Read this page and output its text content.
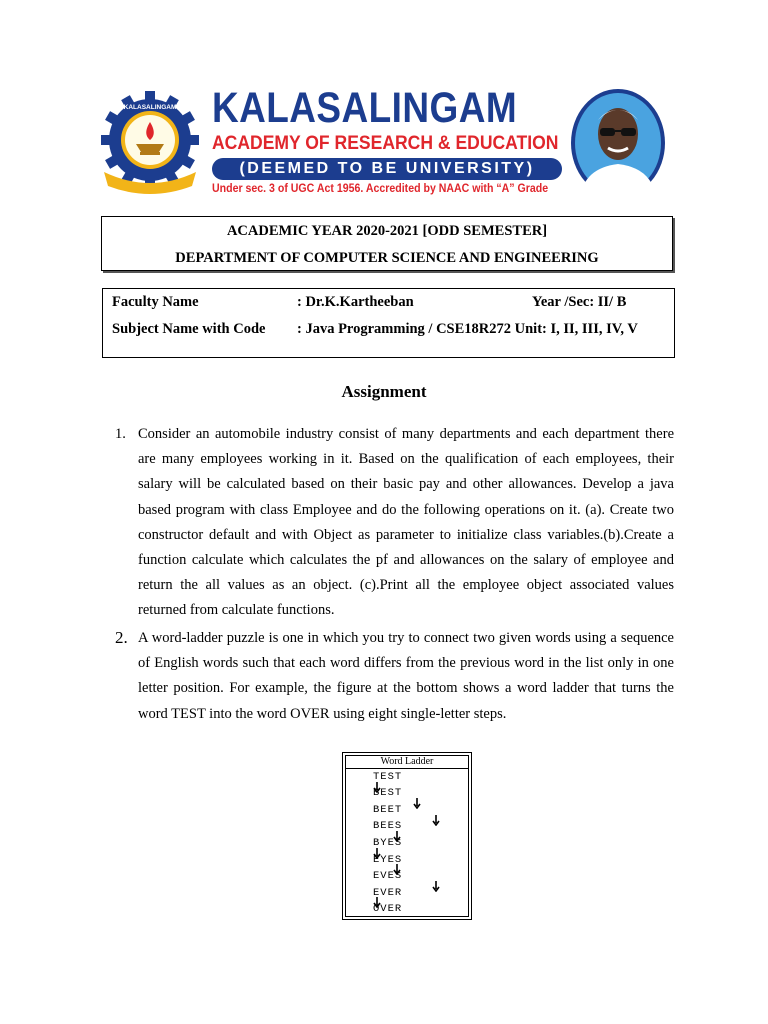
KALASALINGAM KALASALINGAM
ACADEMY OF RESEARCH & EDUCATION
(DEEMED TO BE UNIVERSITY)
Under sec. 3 of UGC Act 1956. Accredited by NAAC with “A” Grade
ACADEMIC YEAR 2020-2021 [ODD SEMESTER]
DEPARTMENT OF COMPUTER SCIENCE AND ENGINEERING
Faculty Name	: Dr.K.Kartheeban	Year /Sec: II/ B
Subject Name with Code : Java Programming / CSE18R272 Unit: I, II, III, IV, V
Assignment
1. Consider an automobile industry consist of many departments and each department there are many employees working in it. Based on the qualification of each employees, their salary will be calculated based on their basic pay and other allowances. Develop a java based program with class Employee and do the following operations on it. (a). Create two constructor default and with Object as parameter to initialize class variables.(b).Create a function calculate which calculates the pf and allowances on the salary of employee and return the all values as an object. (c).Print all the employee object associated values returned from calculate functions.
2. A word-ladder puzzle is one in which you try to connect two given words using a sequence of English words such that each word differs from the previous word in the list only in one letter position. For example, the figure at the bottom shows a word ladder that turns the word TEST into the word OVER using eight single-letter steps.
Word Ladder
TEST
BEST
BEET
BEES
BYES
EYES
EVES
EVER
OVER
